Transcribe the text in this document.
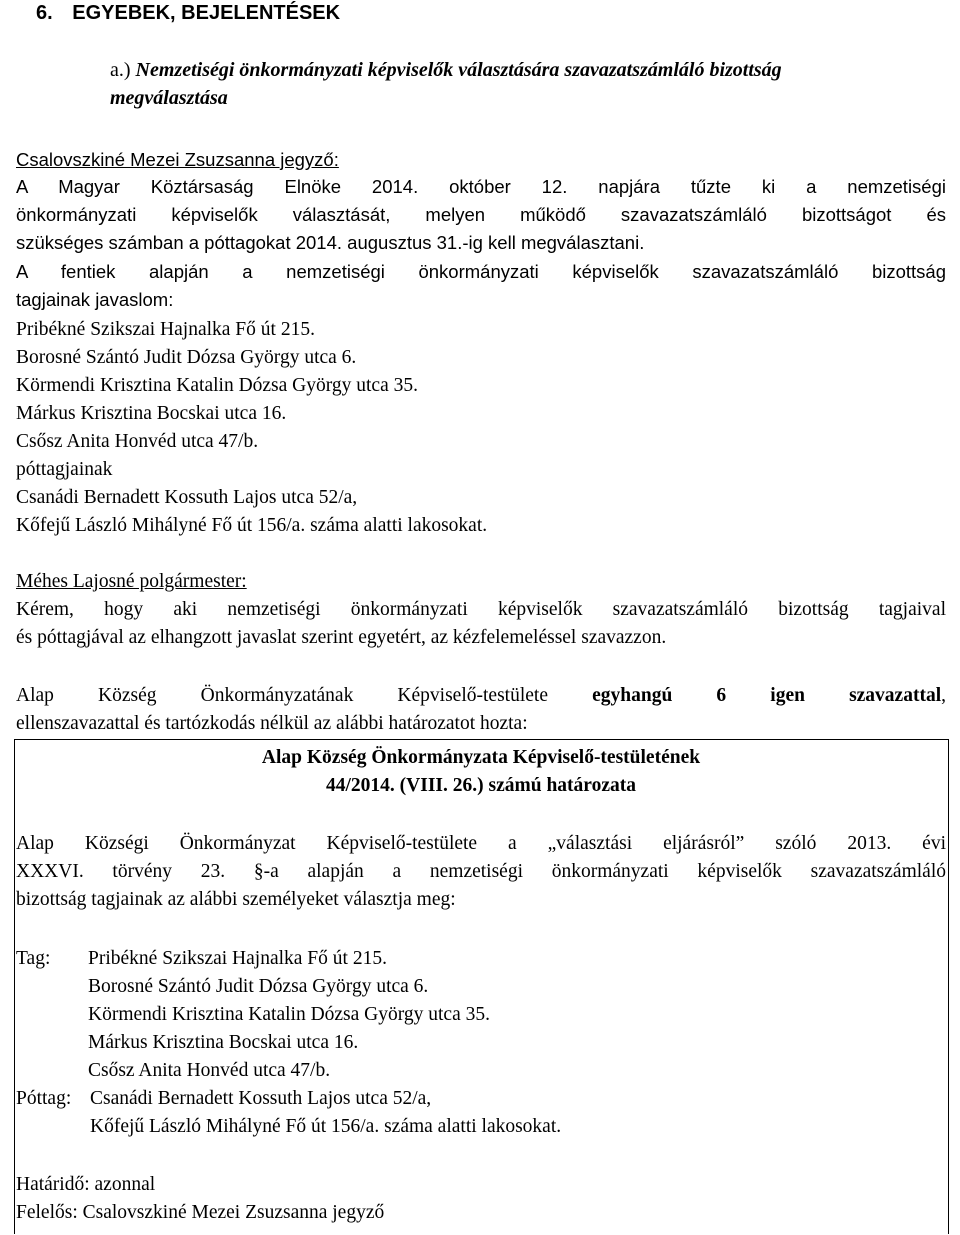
6. EGYEBEK, BEJELENTÉSEK
a.) Nemzetiségi önkormányzati képviselők választására szavazatszámláló bizottság
megválasztása
Csalovszkiné Mezei Zsuzsanna jegyző:
A Magyar Köztársaság Elnöke 2014. október 12. napjára tűzte ki a nemzetiségi
önkormányzati képviselők választását, melyen működő szavazatszámláló bizottságot és
szükséges számban a póttagokat 2014. augusztus 31.-ig kell megválasztani.
A fentiek alapján a nemzetiségi önkormányzati képviselők szavazatszámláló bizottság
tagjainak javaslom:
Pribékné Szikszai Hajnalka Fő út 215.
Borosné Szántó Judit Dózsa György utca 6.
Körmendi Krisztina Katalin Dózsa György utca 35.
Márkus Krisztina Bocskai utca 16.
Csősz Anita Honvéd utca 47/b.
póttagjainak
Csanádi Bernadett Kossuth Lajos utca 52/a,
Kőfejű László Mihályné Fő út 156/a. száma alatti lakosokat.
Méhes Lajosné polgármester:
Kérem, hogy aki nemzetiségi önkormányzati képviselők szavazatszámláló bizottság tagjaival
és póttagjával az elhangzott javaslat szerint egyetért, az kézfelemeléssel szavazzon.
Alap Község Önkormányzatának Képviselő-testülete egyhangú 6 igen szavazattal,
ellenszavazattal és tartózkodás nélkül az alábbi határozatot hozta:
Alap Község Önkormányzata Képviselő-testületének
44/2014. (VIII. 26.) számú határozata
Alap Községi Önkormányzat Képviselő-testülete a „választási eljárásról” szóló 2013. évi
XXXVI. törvény 23. §-a alapján a nemzetiségi önkormányzati képviselők szavazatszámláló
bizottság tagjainak az alábbi személyeket választja meg:
Tag: Pribékné Szikszai Hajnalka Fő út 215.
Borosné Szántó Judit Dózsa György utca 6.
Körmendi Krisztina Katalin Dózsa György utca 35.
Márkus Krisztina Bocskai utca 16.
Csősz Anita Honvéd utca 47/b.
Póttag: Csanádi Bernadett Kossuth Lajos utca 52/a,
Kőfejű László Mihályné Fő út 156/a. száma alatti lakosokat.
Határidő: azonnal
Felelős: Csalovszkiné Mezei Zsuzsanna jegyző
